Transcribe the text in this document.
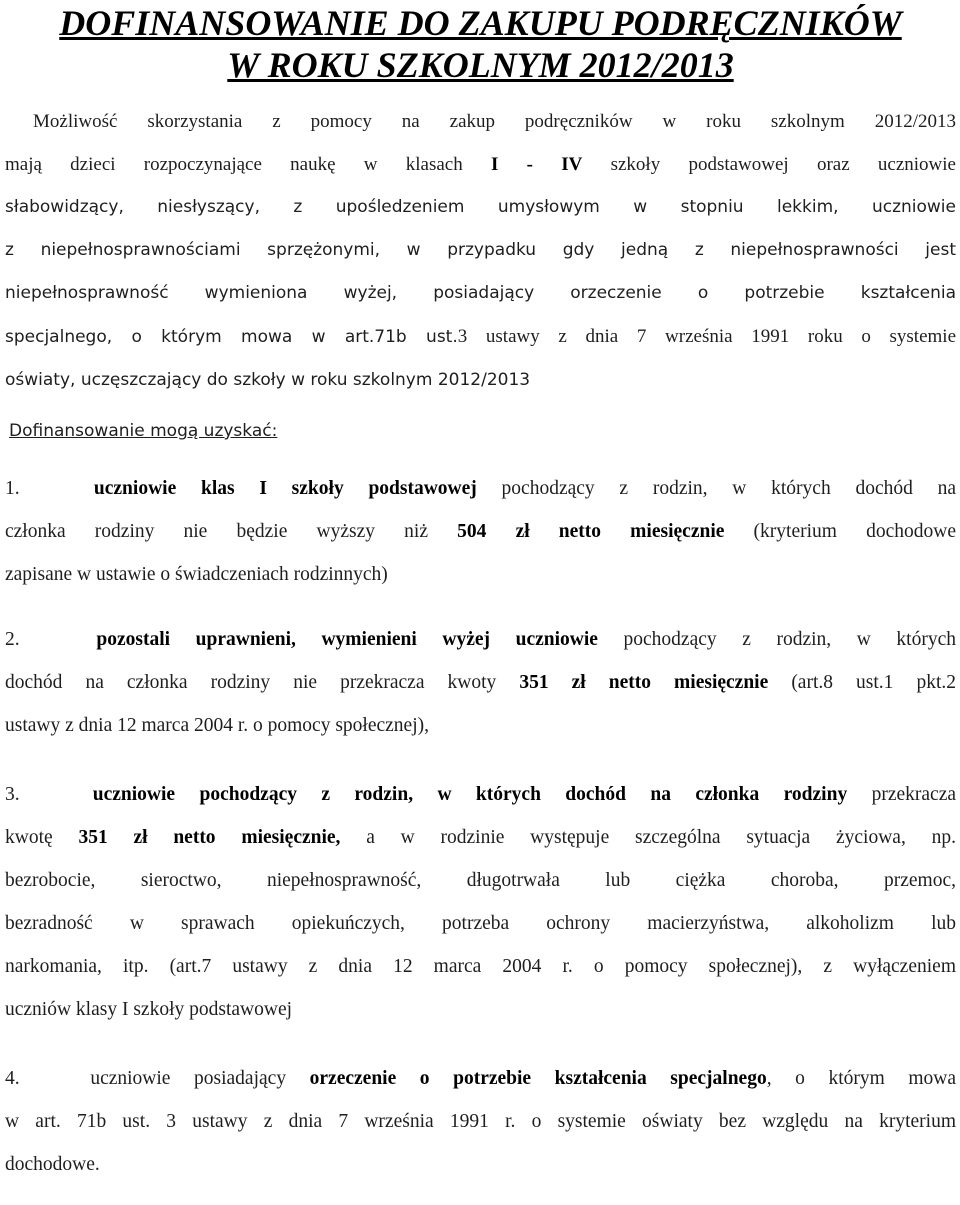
DOFINANSOWANIE DO ZAKUPU PODRĘCZNIKÓW
W ROKU SZKOLNYM 2012/2013
Możliwość skorzystania z pomocy na zakup podręczników w roku szkolnym 2012/2013
mają dzieci rozpoczynające naukę w klasach I - IV szkoły podstawowej oraz uczniowie
słabowidzący, niesłyszący, z upośledzeniem umysłowym w stopniu lekkim, uczniowie
z niepełnosprawnościami sprzężonymi, w przypadku gdy jedną z niepełnosprawności jest
niepełnosprawność wymieniona wyżej, posiadający orzeczenie o potrzebie kształcenia
specjalnego, o którym mowa w art.71b ust.3 ustawy z dnia 7 września 1991 roku o systemie
oświaty, uczęszczający do szkoły w roku szkolnym 2012/2013
Dofinansowanie mogą uzyskać:
1.	uczniowie klas I szkoły podstawowej pochodzący z rodzin, w których dochód na
członka rodziny nie będzie wyższy niż 504 zł netto miesięcznie (kryterium dochodowe
zapisane w ustawie o świadczeniach rodzinnych)
2.	pozostali uprawnieni, wymienieni wyżej uczniowie pochodzący z rodzin, w których
dochód na członka rodziny nie przekracza kwoty 351 zł netto miesięcznie (art.8 ust.1 pkt.2
ustawy z dnia 12 marca 2004 r. o pomocy społecznej),
3.	uczniowie pochodzący z rodzin, w których dochód na członka rodziny przekracza
kwotę 351 zł netto miesięcznie, a w rodzinie występuje szczególna sytuacja życiowa, np.
bezrobocie, sieroctwo, niepełnosprawność, długotrwała lub ciężka choroba, przemoc,
bezradność w sprawach opiekuńczych, potrzeba ochrony macierzyństwa, alkoholizm lub
narkomania, itp. (art.7 ustawy z dnia 12 marca 2004 r. o pomocy społecznej), z wyłączeniem
uczniów klasy I szkoły podstawowej
4.	uczniowie posiadający orzeczenie o potrzebie kształcenia specjalnego, o którym mowa
w art. 71b ust. 3 ustawy z dnia 7 września 1991 r. o systemie oświaty bez względu na kryterium
dochodowe.
